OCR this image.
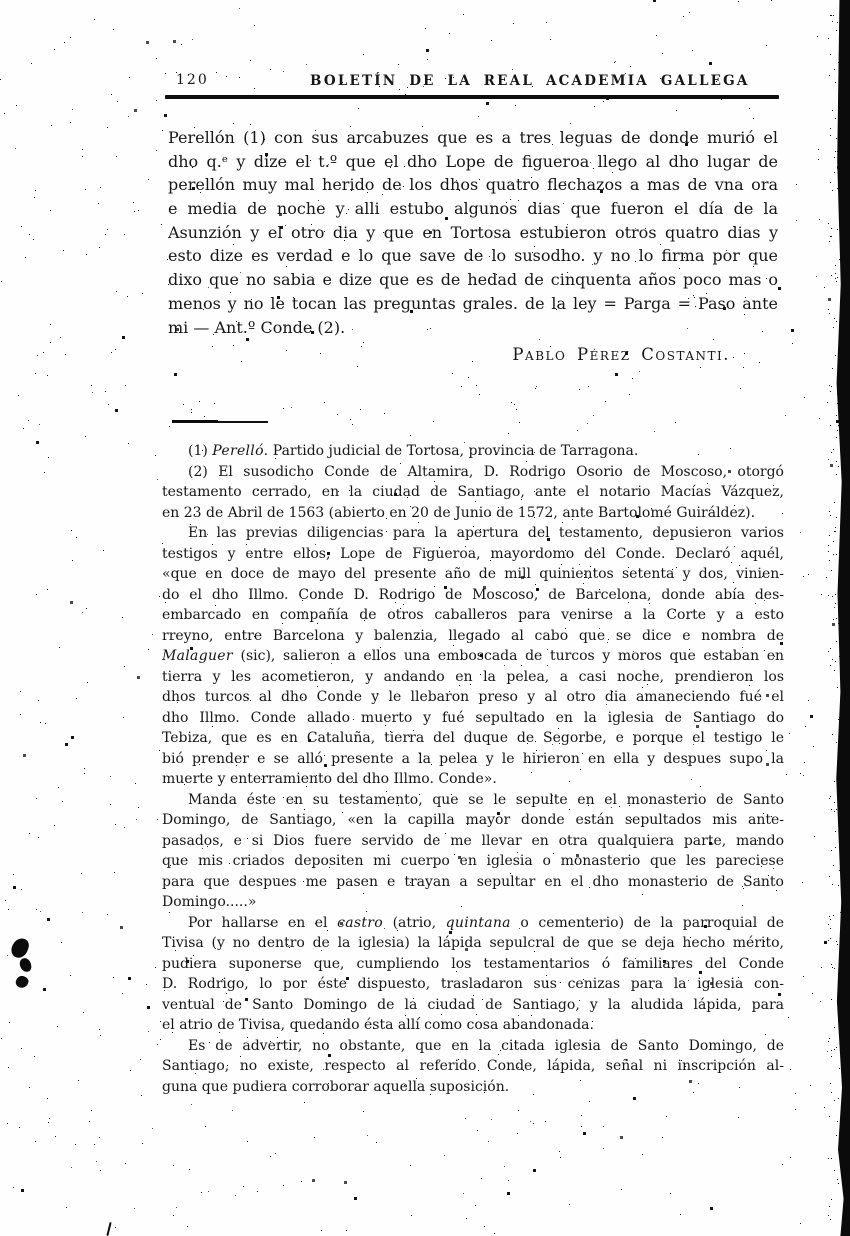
120	BOLETÍN DE LA REAL ACADEMIA GALLEGA
Perellón (1) con sus arcabuzes que es a tres leguas de donde murió el
dho q.ᵉ y dize el t.º que el dho Lope de figueroa llego al dho lugar de
perellón muy mal herido de los dhos quatro flechazos a mas de vna ora
e media de noche y alli estubo algunos dias que fueron el día de la
Asunzión y el otro dia y que en Tortosa estubieron otros quatro dias y
esto dize es verdad e lo que save de lo susodho. y no lo firma por que
dixo que no sabia e dize que es de hedad de cinquenta años poco mas o
menos y no le tocan las preguntas grales. de la ley = Parga = Paso ante
mi — Ant.º Conde (2).
Pablo Pérez Costanti.
(1) Perelló. Partido judicial de Tortosa, provincia de Tarragona.
(2) El susodicho Conde de Altamira, D. Rodrigo Osorio de Moscoso, otorgó
testamento cerrado, en la ciudad de Santiago, ante el notario Macías Vázquez,
en 23 de Abril de 1563 (abierto en 20 de Junio de 1572, ante Bartolomé Guiráldez).
En las previas diligencias para la apertura del testamento, depusieron varios
testigos y entre ellos, Lope de Figueroa, mayordomo del Conde. Declaró aquél,
«que en doce de mayo del presente año de mill quinientos setenta y dos, vinien-
do el dho Illmo. Conde D. Rodrigo de Moscoso, de Barcelona, donde abía des-
embarcado en compañía de otros caballeros para venirse a la Corte y a esto
rreyno, entre Barcelona y balenzia, llegado al cabo que se dice e nombra de
Malaguer (sic), salieron a ellos una emboscada de turcos y moros que estaban en
tierra y les acometieron, y andando en la pelea, a casi noche, prendieron los
dhos turcos al dho Conde y le llebaron preso y al otro dia amaneciendo fué el
dho Illmo. Conde allado muerto y fué sepultado en la iglesia de Santiago do
Tebiza, que es en Cataluña, tierra del duque de Segorbe, e porque el testigo le
bió prender e se alló presente a la pelea y le hirieron en ella y despues supo la
muerte y enterramiento del dho Illmo. Conde».
Manda éste en su testamento, que se le sepulte en el monasterio de Santo
Domingo, de Santiago, «en la capilla mayor donde están sepultados mis ante-
pasados, e si Dios fuere servido de me llevar en otra qualquiera parte, mando
que mis criados depositen mi cuerpo en iglesia o monasterio que les pareciese
para que despues me pasen e trayan a sepultar en el dho monasterio de Santo
Domingo.....»
Por hallarse en el castro (atrio, quintana o cementerio) de la parroquial de
Tivisa (y no dentro de la iglesia) la lápida sepulcral de que se deja hecho mérito,
pudiera suponerse que, cumpliendo los testamentarios ó familiares del Conde
D. Rodrigo, lo por éste dispuesto, trasladaron sus cenizas para la iglesia con-
ventual de Santo Domingo de la ciudad de Santiago, y la aludida lápida, para
el atrio de Tivisa, quedando ésta allí como cosa abandonada.
Es de advertir, no obstante, que en la citada iglesia de Santo Domingo, de
Santiago, no existe, respecto al referido Conde, lápida, señal ni inscripción al-
guna que pudiera corroborar aquella suposición.
